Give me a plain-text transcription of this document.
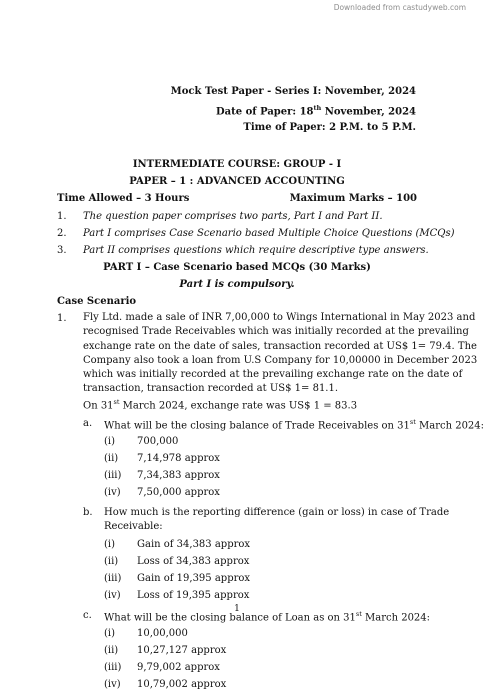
Downloaded from castudyweb.com
Mock Test Paper - Series I: November, 2024
Date of Paper: 18th November, 2024
Time of Paper: 2 P.M. to 5 P.M.
INTERMEDIATE COURSE: GROUP - I
PAPER – 1 : ADVANCED ACCOUNTING
Time Allowed – 3 Hours	Maximum Marks – 100
1. The question paper comprises two parts, Part I and Part II.
2. Part I comprises Case Scenario based Multiple Choice Questions (MCQs)
3. Part II comprises questions which require descriptive type answers.
PART I – Case Scenario based MCQs (30 Marks)
Part I is compulsory.
Case Scenario
1. Fly Ltd. made a sale of INR 7,00,000 to Wings International in May 2023 and
recognised Trade Receivables which was initially recorded at the prevailing
exchange rate on the date of sales, transaction recorded at US$ 1= 79.4. The
Company also took a loan from U.S Company for 10,00000 in December 2023
which was initially recorded at the prevailing exchange rate on the date of
transaction, transaction recorded at US$ 1= 81.1.
On 31st March 2024, exchange rate was US$ 1 = 83.3
a. What will be the closing balance of Trade Receivables on 31st March 2024:
(i) 700,000
(ii) 7,14,978 approx
(iii) 7,34,383 approx
(iv) 7,50,000 approx
b. How much is the reporting difference (gain or loss) in case of Trade
Receivable:
(i) Gain of 34,383 approx
(ii) Loss of 34,383 approx
(iii) Gain of 19,395 approx
(iv) Loss of 19,395 approx
c. What will be the closing balance of Loan as on 31st March 2024:
(i) 10,00,000
(ii) 10,27,127 approx
(iii) 9,79,002 approx
(iv) 10,79,002 approx
1
